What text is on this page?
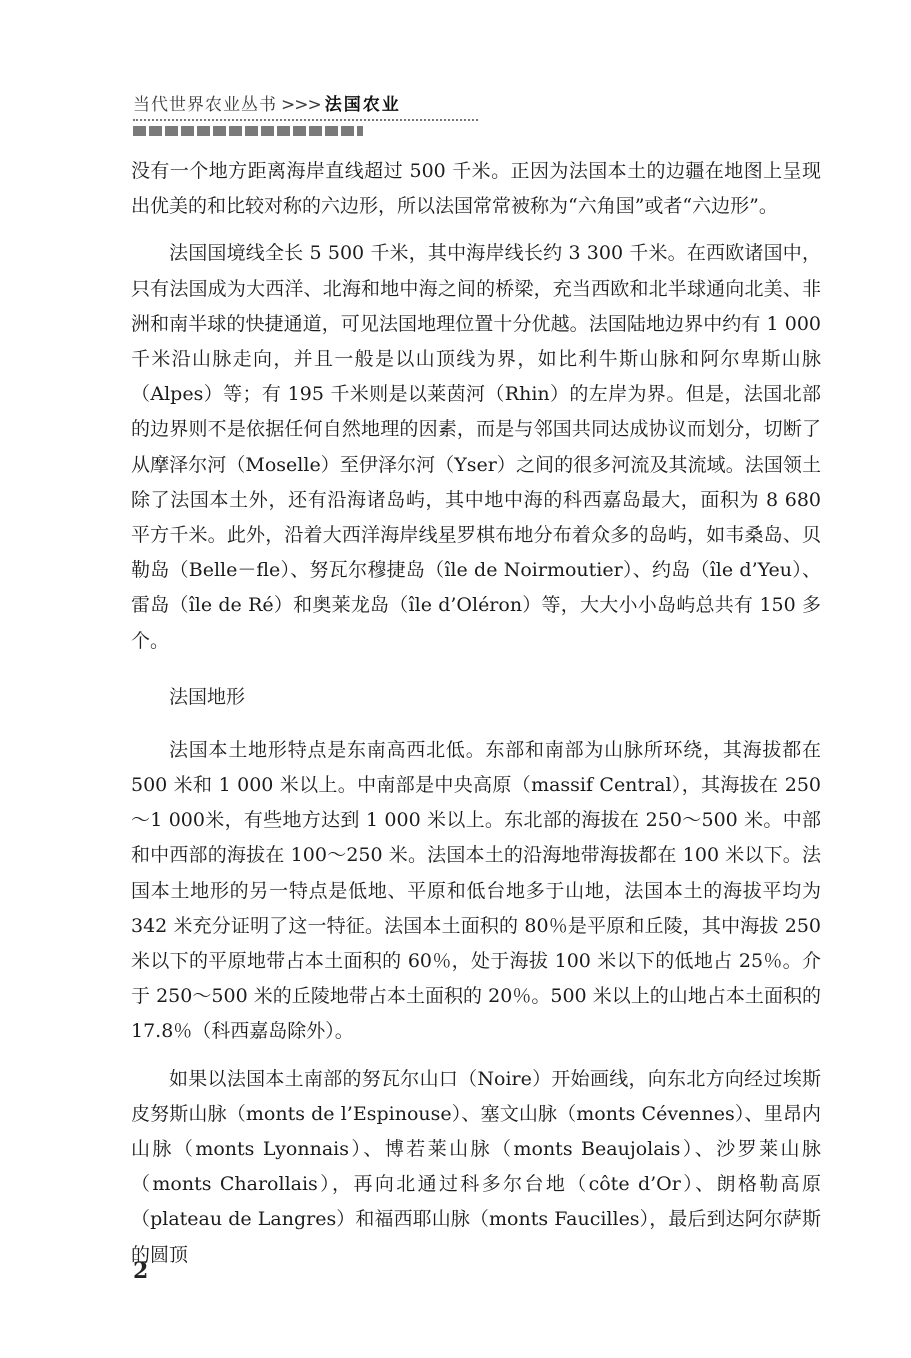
当代世界农业丛书 >>> 法国农业

没有一个地方距离海岸直线超过 500 千米。正因为法国本土的边疆在地图上呈现出优美的和比较对称的六边形，所以法国常常被称为“六角国”或者“六边形”。

法国国境线全长 5 500 千米，其中海岸线长约 3 300 千米。在西欧诸国中，只有法国成为大西洋、北海和地中海之间的桥梁，充当西欧和北半球通向北美、非洲和南半球的快捷通道，可见法国地理位置十分优越。法国陆地边界中约有 1 000 千米沿山脉走向，并且一般是以山顶线为界，如比利牛斯山脉和阿尔卑斯山脉（Alpes）等；有 195 千米则是以莱茵河（Rhin）的左岸为界。但是，法国北部的边界则不是依据任何自然地理的因素，而是与邻国共同达成协议而划分，切断了从摩泽尔河（Moselle）至伊泽尔河（Yser）之间的很多河流及其流域。法国领土除了法国本土外，还有沿海诸岛屿，其中地中海的科西嘉岛最大，面积为 8 680 平方千米。此外，沿着大西洋海岸线星罗棋布地分布着众多的岛屿，如韦桑岛、贝勒岛（Belle－fle）、努瓦尔穆捷岛（île de Noirmoutier）、约岛（île d’Yeu）、雷岛（île de Ré）和奥莱龙岛（île d’Oléron）等，大大小小岛屿总共有 150 多个。

法国地形

法国本土地形特点是东南高西北低。东部和南部为山脉所环绕，其海拔都在 500 米和 1 000 米以上。中南部是中央高原（massif Central），其海拔在 250～1 000米，有些地方达到 1 000 米以上。东北部的海拔在 250～500 米。中部和中西部的海拔在 100～250 米。法国本土的沿海地带海拔都在 100 米以下。法国本土地形的另一特点是低地、平原和低台地多于山地，法国本土的海拔平均为 342 米充分证明了这一特征。法国本土面积的 80％是平原和丘陵，其中海拔 250 米以下的平原地带占本土面积的 60％，处于海拔 100 米以下的低地占 25％。介于 250～500 米的丘陵地带占本土面积的 20％。500 米以上的山地占本土面积的 17.8％（科西嘉岛除外）。

如果以法国本土南部的努瓦尔山口（Noire）开始画线，向东北方向经过埃斯皮努斯山脉（monts de l’Espinouse）、塞文山脉（monts Cévennes）、里昂内山脉（monts Lyonnais）、博若莱山脉（monts Beaujolais）、沙罗莱山脉（monts Charollais），再向北通过科多尔台地（côte d’Or）、朗格勒高原（plateau de Langres）和福西耶山脉（monts Faucilles），最后到达阿尔萨斯的圆顶

2
